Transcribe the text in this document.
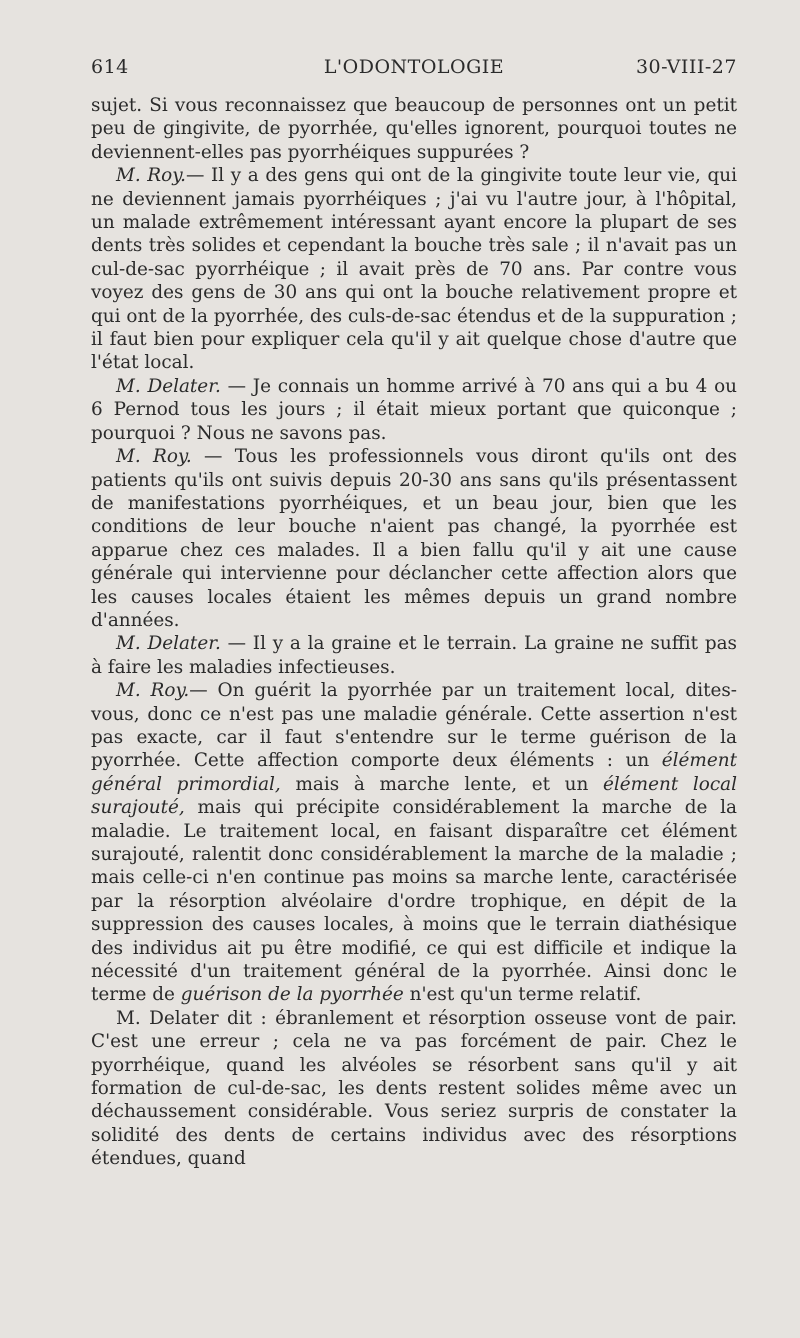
614	L'ODONTOLOGIE	30-VIII-27

sujet. Si vous reconnaissez que beaucoup de personnes ont un petit peu de gingivite, de pyorrhée, qu'elles ignorent, pourquoi toutes ne deviennent-elles pas pyorrhéiques suppurées ?

M. Roy.— Il y a des gens qui ont de la gingivite toute leur vie, qui ne deviennent jamais pyorrhéiques ; j'ai vu l'autre jour, à l'hôpital, un malade extrêmement intéressant ayant encore la plupart de ses dents très solides et cependant la bouche très sale ; il n'avait pas un cul-de-sac pyorrhéique ; il avait près de 70 ans. Par contre vous voyez des gens de 30 ans qui ont la bouche relativement propre et qui ont de la pyorrhée, des culs-de-sac étendus et de la suppuration ; il faut bien pour expliquer cela qu'il y ait quelque chose d'autre que l'état local.

M. Delater. — Je connais un homme arrivé à 70 ans qui a bu 4 ou 6 Pernod tous les jours ; il était mieux portant que quiconque ; pourquoi ? Nous ne savons pas.

M. Roy. — Tous les professionnels vous diront qu'ils ont des patients qu'ils ont suivis depuis 20-30 ans sans qu'ils présentassent de manifestations pyorrhéiques, et un beau jour, bien que les conditions de leur bouche n'aient pas changé, la pyorrhée est apparue chez ces malades. Il a bien fallu qu'il y ait une cause générale qui intervienne pour déclancher cette affection alors que les causes locales étaient les mêmes depuis un grand nombre d'années.

M. Delater. — Il y a la graine et le terrain. La graine ne suffit pas à faire les maladies infectieuses.

M. Roy.— On guérit la pyorrhée par un traitement local, dites-vous, donc ce n'est pas une maladie générale. Cette assertion n'est pas exacte, car il faut s'entendre sur le terme guérison de la pyorrhée. Cette affection comporte deux éléments : un élément général primordial, mais à marche lente, et un élément local surajouté, mais qui précipite considérablement la marche de la maladie. Le traitement local, en faisant disparaître cet élément surajouté, ralentit donc considérablement la marche de la maladie ; mais celle-ci n'en continue pas moins sa marche lente, caractérisée par la résorption alvéolaire d'ordre trophique, en dépit de la suppression des causes locales, à moins que le terrain diathésique des individus ait pu être modifié, ce qui est difficile et indique la nécessité d'un traitement général de la pyorrhée. Ainsi donc le terme de guérison de la pyorrhée n'est qu'un terme relatif.

M. Delater dit : ébranlement et résorption osseuse vont de pair. C'est une erreur ; cela ne va pas forcément de pair. Chez le pyorrhéique, quand les alvéoles se résorbent sans qu'il y ait formation de cul-de-sac, les dents restent solides même avec un déchaussement considérable. Vous seriez surpris de constater la solidité des dents de certains individus avec des résorptions étendues, quand
